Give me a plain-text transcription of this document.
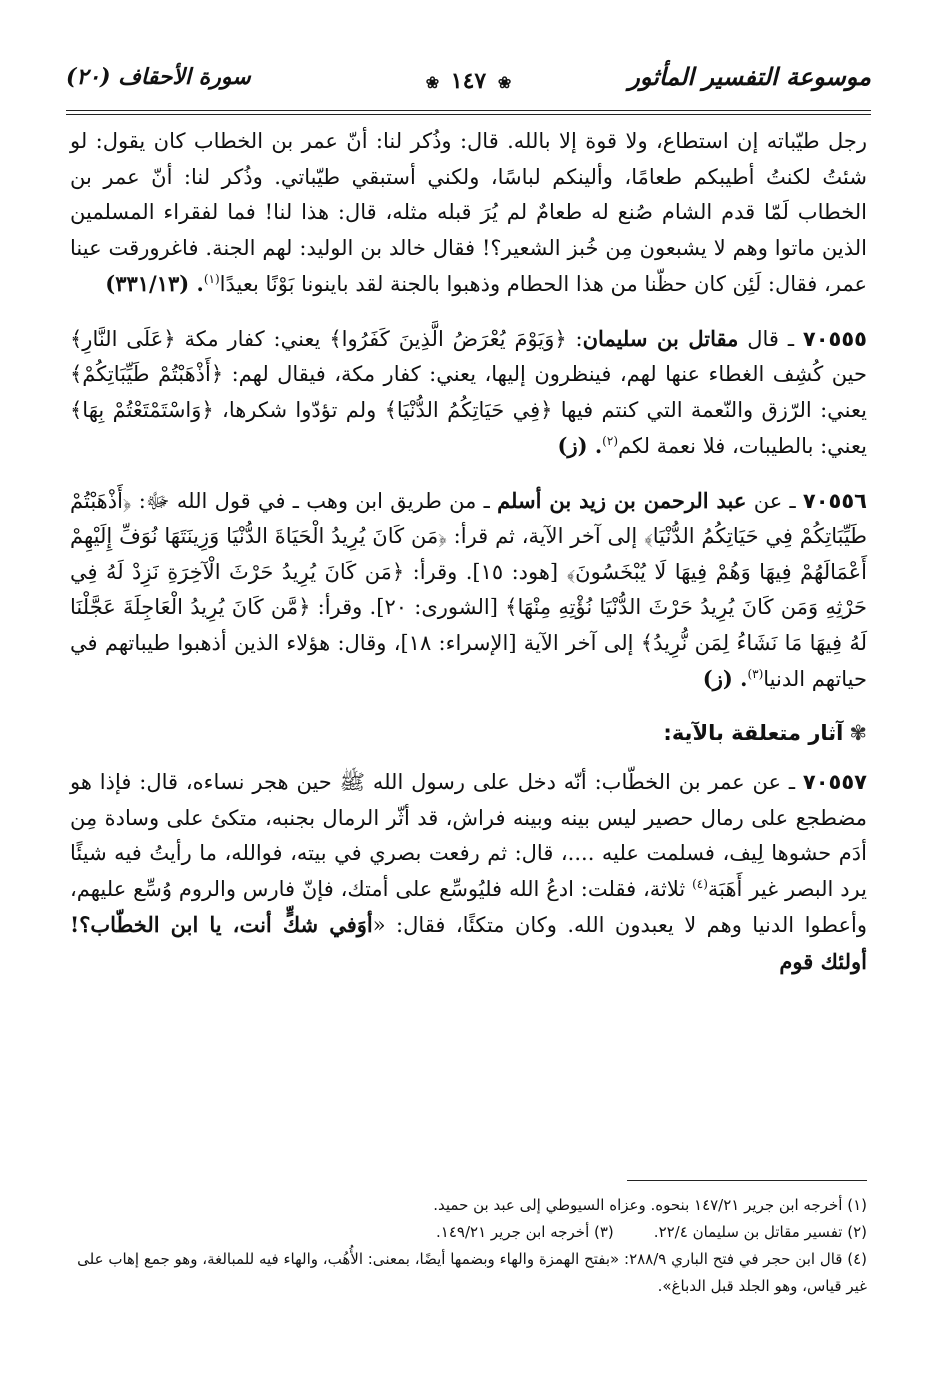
موسوعة التفسير المأثور
❀ ١٤٧ ❀
سورة الأحقاف (٢٠)

رجل طيّباته إن استطاع، ولا قوة إلا بالله. قال: وذُكر لنا: أنّ عمر بن الخطاب كان يقول: لو شئتُ لكنتُ أطيبكم طعامًا، وألينكم لباسًا، ولكني أستبقي طيّباتي. وذُكر لنا: أنّ عمر بن الخطاب لَمّا قدم الشام صُنع له طعامٌ لم يُرَ قبله مثله، قال: هذا لنا! فما لفقراء المسلمين الذين ماتوا وهم لا يشبعون مِن خُبز الشعير؟! فقال خالد بن الوليد: لهم الجنة. فاغرورقت عينا عمر، فقال: لَئِن كان حظّنا من هذا الحطام وذهبوا بالجنة لقد باينونا بَوْنًا بعيدًا$^{(١)}$. (٣٣١/١٣)

٧٠٥٥٥ ـ قال مقاتل بن سليمان: ﴿وَيَوْمَ يُعْرَضُ الَّذِينَ كَفَرُوا﴾ يعني: كفار مكة ﴿عَلَى النَّارِ﴾ حين كُشِف الغطاء عنها لهم، فينظرون إليها، يعني: كفار مكة، فيقال لهم: ﴿أَذْهَبْتُمْ طَيِّبَاتِكُمْ﴾ يعني: الرّزق والنّعمة التي كنتم فيها ﴿فِي حَيَاتِكُمُ الدُّنْيَا﴾ ولم تؤدّوا شكرها، ﴿وَاسْتَمْتَعْتُمْ بِهَا﴾ يعني: بالطيبات، فلا نعمة لكم$^{(٢)}$. (ز)

٧٠٥٥٦ ـ عن عبد الرحمن بن زيد بن أسلم ـ من طريق ابن وهب ـ في قول الله ﷻ: ﴿أَذْهَبْتُمْ طَيِّبَاتِكُمْ فِي حَيَاتِكُمُ الدُّنْيَا﴾ إلى آخر الآية، ثم قرأ: ﴿مَن كَانَ يُرِيدُ الْحَيَاةَ الدُّنْيَا وَزِينَتَهَا نُوَفِّ إِلَيْهِمْ أَعْمَالَهُمْ فِيهَا وَهُمْ فِيهَا لَا يُبْخَسُونَ﴾ [هود: ١٥]. وقرأ: ﴿مَن كَانَ يُرِيدُ حَرْثَ الْآخِرَةِ نَزِدْ لَهُ فِي حَرْثِهِ وَمَن كَانَ يُرِيدُ حَرْثَ الدُّنْيَا نُؤْتِهِ مِنْهَا﴾ [الشورى: ٢٠]. وقرأ: ﴿مَّن كَانَ يُرِيدُ الْعَاجِلَةَ عَجَّلْنَا لَهُ فِيهَا مَا نَشَاءُ لِمَن نُّرِيدُ﴾ إلى آخر الآية [الإسراء: ١٨]، وقال: هؤلاء الذين أذهبوا طيباتهم في حياتهم الدنيا$^{(٣)}$. (ز)

✾آثار متعلقة بالآية:

٧٠٥٥٧ ـ عن عمر بن الخطّاب: أنّه دخل على رسول الله ﷺ حين هجر نساءه، قال: فإذا هو مضطجع على رمال حصير ليس بينه وبينه فراش، قد أثّر الرمال بجنبه، متكئ على وسادة مِن أدَم حشوها لِيف، فسلمت عليه ....، قال: ثم رفعت بصري في بيته، فوالله، ما رأيتُ فيه شيئًا يرد البصر غير أَهَبَة$^{(٤)}$ ثلاثة، فقلت: ادعُ الله فليُوسِّع على أمتك، فإنّ فارس والروم وُسِّع عليهم، وأعطوا الدنيا وهم لا يعبدون الله. وكان متكئًا، فقال: «أوَفي شكٍّ أنت، يا ابن الخطّاب؟! أولئك قوم

(١) أخرجه ابن جرير ١٤٧/٢١ بنحوه. وعزاه السيوطي إلى عبد بن حميد.
(٢) تفسير مقاتل بن سليمان ٢٢/٤.
(٣) أخرجه ابن جرير ١٤٩/٢١.
(٤) قال ابن حجر في فتح الباري ٢٨٨/٩: «بفتح الهمزة والهاء وبضمها أيضًا، بمعنى: الأُهُب، والهاء فيه للمبالغة، وهو جمع إهاب على غير قياس، وهو الجلد قبل الدباغ».
